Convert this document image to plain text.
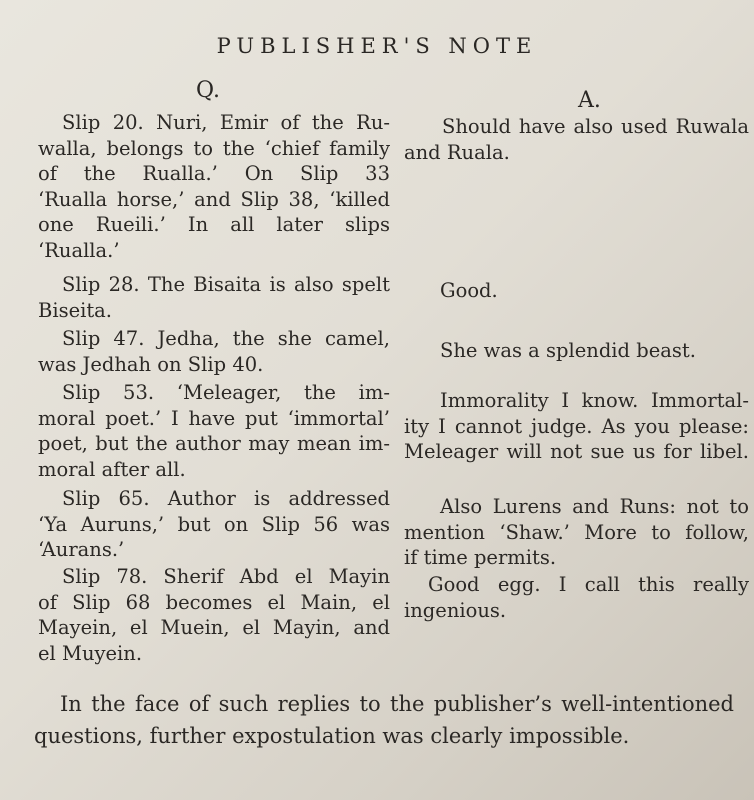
PUBLISHER'S NOTE
Q.	A.
Slip 20. Nuri, Emir of the Ru-
walla, belongs to the ‘chief family
of the Rualla.’ On Slip 33
‘Rualla horse,’ and Slip 38, ‘killed
one Rueili.’ In all later slips
‘Rualla.’
Should have also used Ruwala
and Ruala.
Slip 28. The Bisaita is also spelt
Biseita.
Good.
Slip 47. Jedha, the she camel,
was Jedhah on Slip 40.
She was a splendid beast.
Slip 53. ‘Meleager, the im-
moral poet.’ I have put ‘immortal’
poet, but the author may mean im-
moral after all.
Immorality I know. Immortal-
ity I cannot judge. As you please:
Meleager will not sue us for libel.
Slip 65. Author is addressed
‘Ya Auruns,’ but on Slip 56 was
‘Aurans.’
Also Lurens and Runs: not to
mention ‘Shaw.’ More to follow,
if time permits.
Slip 78. Sherif Abd el Mayin
of Slip 68 becomes el Main, el
Mayein, el Muein, el Mayin, and
el Muyein.
Good egg. I call this really
ingenious.
In the face of such replies to the publisher’s well-intentioned
questions, further expostulation was clearly impossible.
